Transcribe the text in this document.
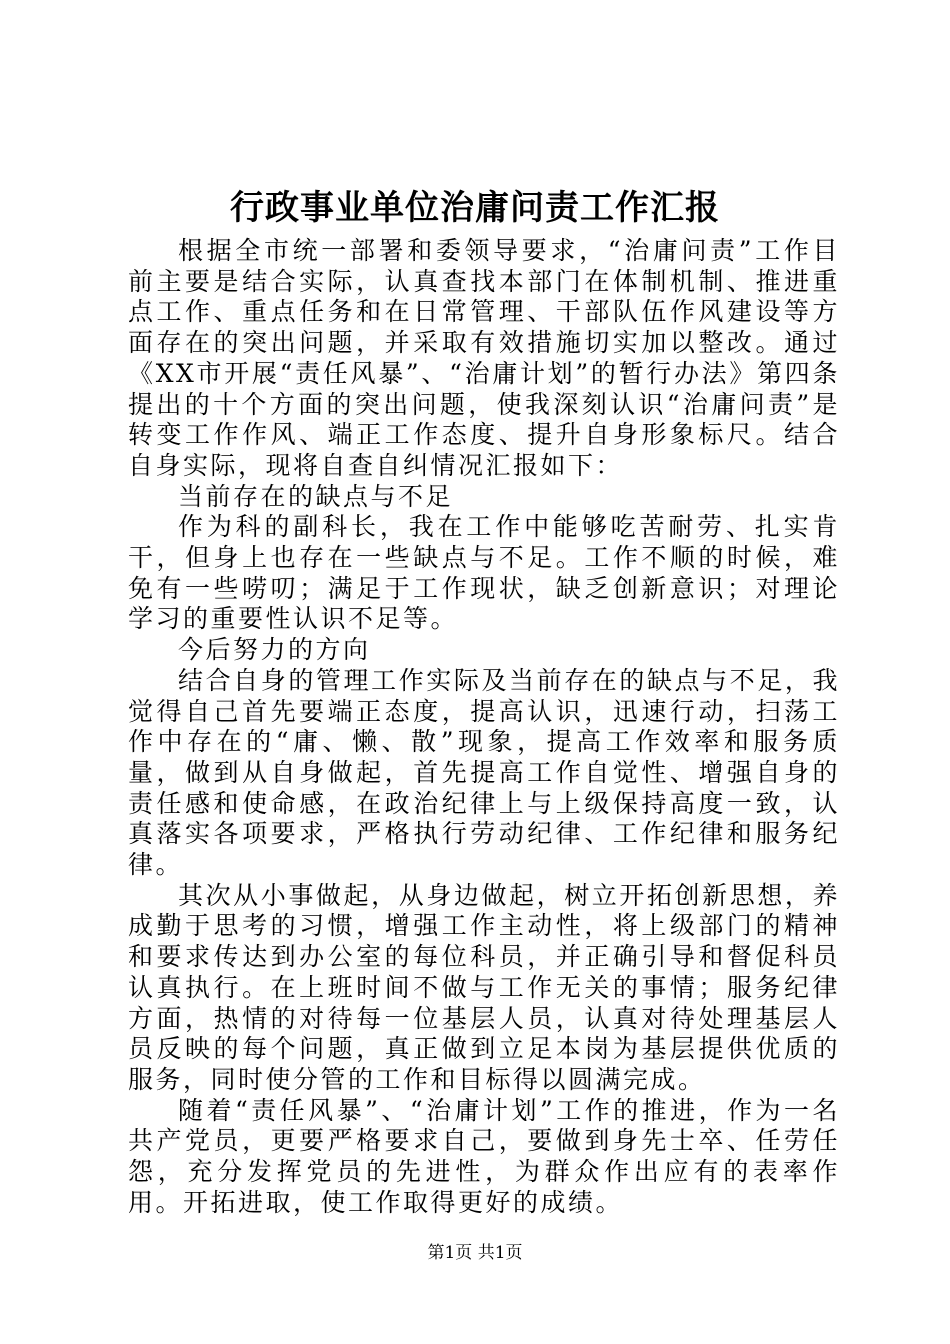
行政事业单位治庸问责工作汇报

根据全市统一部署和委领导要求，“治庸问责”工作目前主要是结合实际，认真查找本部门在体制机制、推进重点工作、重点任务和在日常管理、干部队伍作风建设等方面存在的突出问题，并采取有效措施切实加以整改。通过《XX市开展“责任风暴”、“治庸计划”的暂行办法》第四条提出的十个方面的突出问题，使我深刻认识“治庸问责”是转变工作作风、端正工作态度、提升自身形象标尺。结合自身实际，现将自查自纠情况汇报如下：

当前存在的缺点与不足

作为科的副科长，我在工作中能够吃苦耐劳、扎实肯干，但身上也存在一些缺点与不足。工作不顺的时候，难免有一些唠叨；满足于工作现状，缺乏创新意识；对理论学习的重要性认识不足等。

今后努力的方向

结合自身的管理工作实际及当前存在的缺点与不足，我觉得自己首先要端正态度，提高认识，迅速行动，扫荡工作中存在的“庸、懒、散”现象，提高工作效率和服务质量，做到从自身做起，首先提高工作自觉性、增强自身的责任感和使命感，在政治纪律上与上级保持高度一致，认真落实各项要求，严格执行劳动纪律、工作纪律和服务纪律。

其次从小事做起，从身边做起，树立开拓创新思想，养成勤于思考的习惯，增强工作主动性，将上级部门的精神和要求传达到办公室的每位科员，并正确引导和督促科员认真执行。在上班时间不做与工作无关的事情；服务纪律方面，热情的对待每一位基层人员，认真对待处理基层人员反映的每个问题，真正做到立足本岗为基层提供优质的服务，同时使分管的工作和目标得以圆满完成。

随着“责任风暴”、“治庸计划”工作的推进，作为一名共产党员，更要严格要求自己，要做到身先士卒、任劳任怨，充分发挥党员的先进性，为群众作出应有的表率作用。开拓进取，使工作取得更好的成绩。

第1页 共1页
